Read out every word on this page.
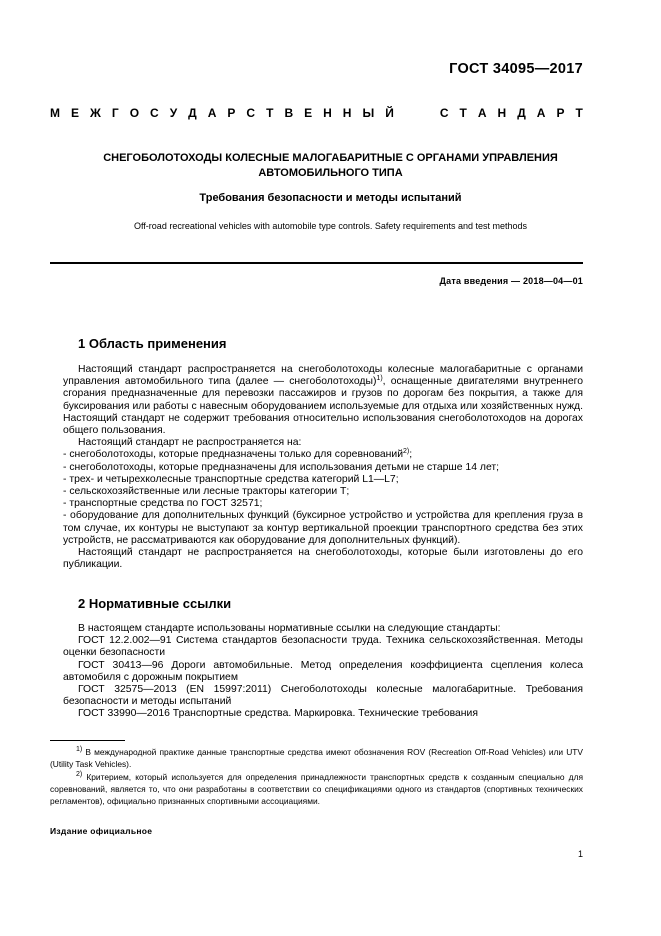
ГОСТ 34095—2017
М Е Ж Г О С У Д А Р С Т В Е Н Н Ы Й	С Т А Н Д А Р Т
СНЕГОБОЛОТОХОДЫ КОЛЕСНЫЕ МАЛОГАБАРИТНЫЕ С ОРГАНАМИ УПРАВЛЕНИЯ
АВТОМОБИЛЬНОГО ТИПА
Требования безопасности и методы испытаний
Off-road recreational vehicles with automobile type controls. Safety requirements and test methods
Дата введения — 2018—04—01
1 Область применения

Настоящий стандарт распространяется на снегоболотоходы колесные малогабаритные с органами управления автомобильного типа (далее — снегоболотоходы)$^{1)}$, оснащенные двигателями внутреннего сгорания предназначенные для перевозки пассажиров и грузов по дорогам без покрытия, а также для буксирования или работы с навесным оборудованием используемые для отдыха или хозяйственных нужд. Настоящий стандарт не содержит требования относительно использования снегоболотоходов на дорогах общего пользования.

Настоящий стандарт не распространяется на:

- снегоболотоходы, которые предназначены только для соревнований$^{2)}$;

- снегоболотоходы, которые предназначены для использования детьми не старше 14 лет;

- трех- и четырехколесные транспортные средства категорий L1—L7;

- сельскохозяйственные или лесные тракторы категории Т;

- транспортные средства по ГОСТ 32571;

- оборудование для дополнительных функций (буксирное устройство и устройства для крепления груза в том случае, их контуры не выступают за контур вертикальной проекции транспортного средства без этих устройств, не рассматриваются как оборудование для дополнительных функций).

Настоящий стандарт не распространяется на снегоболотоходы, которые были изготовлены до его публикации.

2 Нормативные ссылки

В настоящем стандарте использованы нормативные ссылки на следующие стандарты:

ГОСТ 12.2.002—91 Система стандартов безопасности труда. Техника сельскохозяйственная. Методы оценки безопасности

ГОСТ 30413—96 Дороги автомобильные. Метод определения коэффициента сцепления колеса автомобиля с дорожным покрытием

ГОСТ 32575—2013 (EN 15997:2011) Снегоболотоходы колесные малогабаритные. Требования безопасности и методы испытаний

ГОСТ 33990—2016 Транспортные средства. Маркировка. Технические требования

$^{1)}$ В международной практике данные транспортные средства имеют обозначения ROV (Recreation Off-Road Vehicles) или UTV (Utility Task Vehicles).

$^{2)}$ Критерием, который используется для определения принадлежности транспортных средств к созданным специально для соревнований, является то, что они разработаны в соответствии со спецификациями одного из стандартов (спортивных технических регламентов), официально признанных спортивными ассоциациями.

Издание официальное
1
